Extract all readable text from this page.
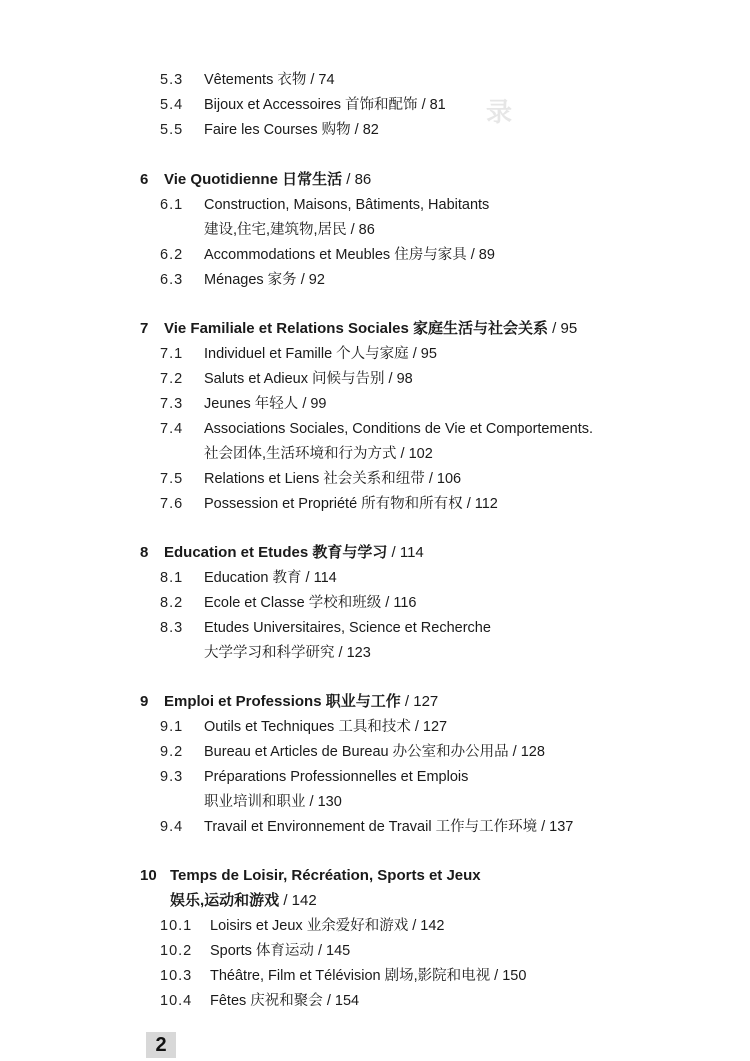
录
5.3 Vêtements 衣物 / 74
5.4 Bijoux et Accessoires 首饰和配饰 / 81
5.5 Faire les Courses 购物 / 82
6 Vie Quotidienne 日常生活 / 86
6.1 Construction, Maisons, Bâtiments, Habitants
建设,住宅,建筑物,居民 / 86
6.2 Accommodations et Meubles 住房与家具 / 89
6.3 Ménages 家务 / 92
7 Vie Familiale et Relations Sociales 家庭生活与社会关系 / 95
7.1 Individuel et Famille 个人与家庭 / 95
7.2 Saluts et Adieux 问候与告别 / 98
7.3 Jeunes 年轻人 / 99
7.4 Associations Sociales, Conditions de Vie et Comportements.
社会团体,生活环境和行为方式 / 102
7.5 Relations et Liens 社会关系和纽带 / 106
7.6 Possession et Propriété 所有物和所有权 / 112
8 Education et Etudes 教育与学习 / 114
8.1 Education 教育 / 114
8.2 Ecole et Classe 学校和班级 / 116
8.3 Etudes Universitaires, Science et Recherche
大学学习和科学研究 / 123
9 Emploi et Professions 职业与工作 / 127
9.1 Outils et Techniques 工具和技术 / 127
9.2 Bureau et Articles de Bureau 办公室和办公用品 / 128
9.3 Préparations Professionnelles et Emplois
职业培训和职业 / 130
9.4 Travail et Environnement de Travail 工作与工作环境 / 137
10 Temps de Loisir, Récréation, Sports et Jeux
娱乐,运动和游戏 / 142
10.1 Loisirs et Jeux 业余爱好和游戏 / 142
10.2 Sports 体育运动 / 145
10.3 Théâtre, Film et Télévision 剧场,影院和电视 / 150
10.4 Fêtes 庆祝和聚会 / 154
2
